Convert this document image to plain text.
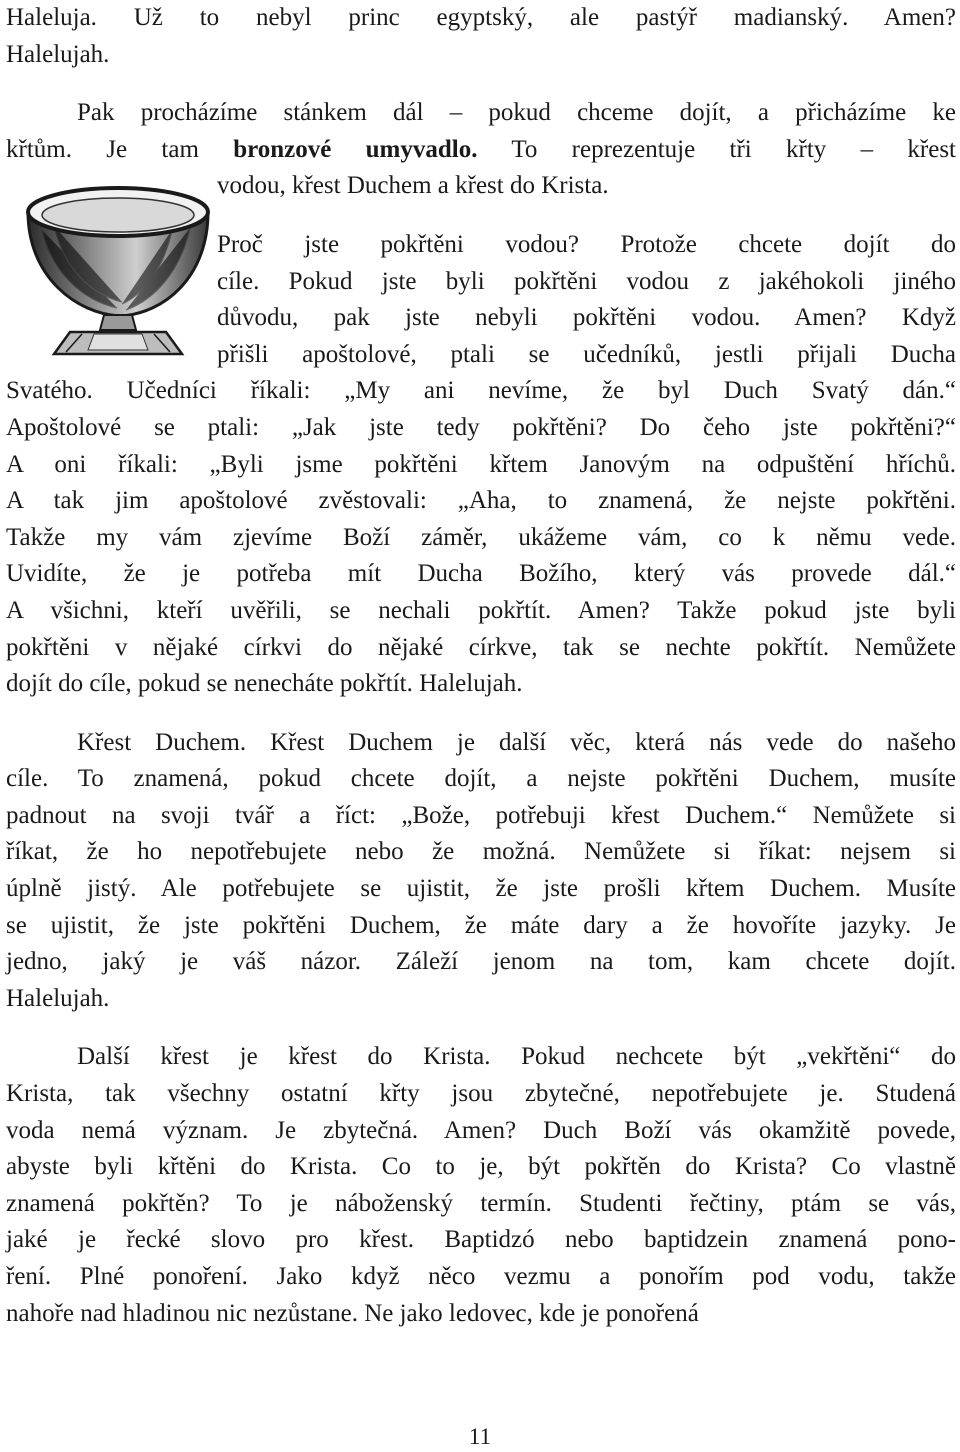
Haleluja. Už to nebyl princ egyptský, ale pastýř madianský. Amen?
Halelujah.
Pak procházíme stánkem dál – pokud chceme dojít, a přicházíme ke
křtům. Je tam bronzové umyvadlo. To reprezentuje tři křty – křest
vodou, křest Duchem a křest do Krista.
Proč jste pokřtěni vodou? Protože chcete dojít do
cíle. Pokud jste byli pokřtěni vodou z jakéhokoli jiného
důvodu, pak jste nebyli pokřtěni vodou. Amen? Když
přišli apoštolové, ptali se učedníků, jestli přijali Ducha
Svatého. Učedníci říkali: „My ani nevíme, že byl Duch Svatý dán.“
Apoštolové se ptali: „Jak jste tedy pokřtěni? Do čeho jste pokřtěni?“
A oni říkali: „Byli jsme pokřtěni křtem Janovým na odpuštění hříchů.
A tak jim apoštolové zvěstovali: „Aha, to znamená, že nejste pokřtěni.
Takže my vám zjevíme Boží záměr, ukážeme vám, co k němu vede.
Uvidíte, že je potřeba mít Ducha Božího, který vás provede dál.“
A všichni, kteří uvěřili, se nechali pokřtít. Amen? Takže pokud jste byli
pokřtěni v nějaké církvi do nějaké církve, tak se nechte pokřtít. Nemůžete
dojít do cíle, pokud se nenecháte pokřtít. Halelujah.
Křest Duchem. Křest Duchem je další věc, která nás vede do našeho
cíle. To znamená, pokud chcete dojít, a nejste pokřtěni Duchem, musíte
padnout na svoji tvář a říct: „Bože, potřebuji křest Duchem.“ Nemůžete si
říkat, že ho nepotřebujete nebo že možná. Nemůžete si říkat: nejsem si
úplně jistý. Ale potřebujete se ujistit, že jste prošli křtem Duchem. Musíte
se ujistit, že jste pokřtěni Duchem, že máte dary a že hovoříte jazyky. Je
jedno, jaký je váš názor. Záleží jenom na tom, kam chcete dojít.
Halelujah.
Další křest je křest do Krista. Pokud nechcete být „vekřtěni“ do
Krista, tak všechny ostatní křty jsou zbytečné, nepotřebujete je. Studená
voda nemá význam. Je zbytečná. Amen? Duch Boží vás okamžitě povede,
abyste byli křtěni do Krista. Co to je, být pokřtěn do Krista? Co vlastně
znamená pokřtěn? To je náboženský termín. Studenti řečtiny, ptám se vás,
jaké je řecké slovo pro křest. Baptidzó nebo baptidzein znamená pono-
ření. Plné ponoření. Jako když něco vezmu a ponořím pod vodu, takže
nahoře nad hladinou nic nezůstane. Ne jako ledovec, kde je ponořená
11
